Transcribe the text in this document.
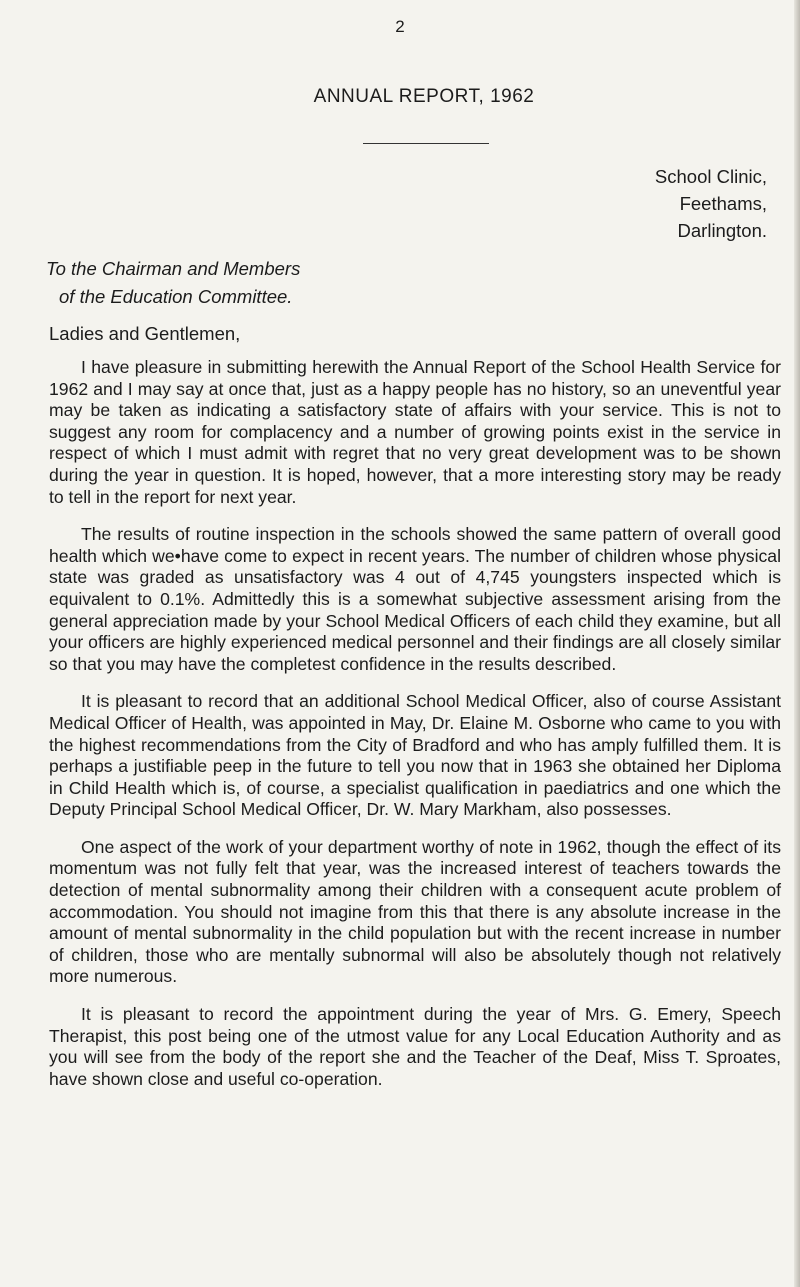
2
ANNUAL REPORT, 1962
School Clinic,
Feethams,
Darlington.
To the Chairman and Members
of the Education Committee.
Ladies and Gentlemen,

I have pleasure in submitting herewith the Annual Report of the School Health Service for 1962 and I may say at once that, just as a happy people has no history, so an uneventful year may be taken as indicating a satisfactory state of affairs with your service. This is not to suggest any room for complacency and a number of growing points exist in the service in respect of which I must admit with regret that no very great development was to be shown during the year in question. It is hoped, however, that a more interesting story may be ready to tell in the report for next year.

The results of routine inspection in the schools showed the same pattern of overall good health which we•have come to expect in recent years. The number of children whose physical state was graded as unsatisfactory was 4 out of 4,745 youngsters inspected which is equivalent to 0.1%. Admittedly this is a somewhat subjective assessment arising from the general appreciation made by your School Medical Officers of each child they examine, but all your officers are highly experienced medical personnel and their findings are all closely similar so that you may have the completest confidence in the results described.

It is pleasant to record that an additional School Medical Officer, also of course Assistant Medical Officer of Health, was appointed in May, Dr. Elaine M. Osborne who came to you with the highest recommendations from the City of Bradford and who has amply fulfilled them. It is perhaps a justifiable peep in the future to tell you now that in 1963 she obtained her Diploma in Child Health which is, of course, a specialist qualification in paediatrics and one which the Deputy Principal School Medical Officer, Dr. W. Mary Markham, also possesses.

One aspect of the work of your department worthy of note in 1962, though the effect of its momentum was not fully felt that year, was the increased interest of teachers towards the detection of mental subnormality among their children with a consequent acute problem of accommodation. You should not imagine from this that there is any absolute increase in the amount of mental subnormality in the child population but with the recent increase in number of children, those who are mentally subnormal will also be absolutely though not relatively more numerous.

It is pleasant to record the appointment during the year of Mrs. G. Emery, Speech Therapist, this post being one of the utmost value for any Local Education Authority and as you will see from the body of the report she and the Teacher of the Deaf, Miss T. Sproates, have shown close and useful co-operation.
